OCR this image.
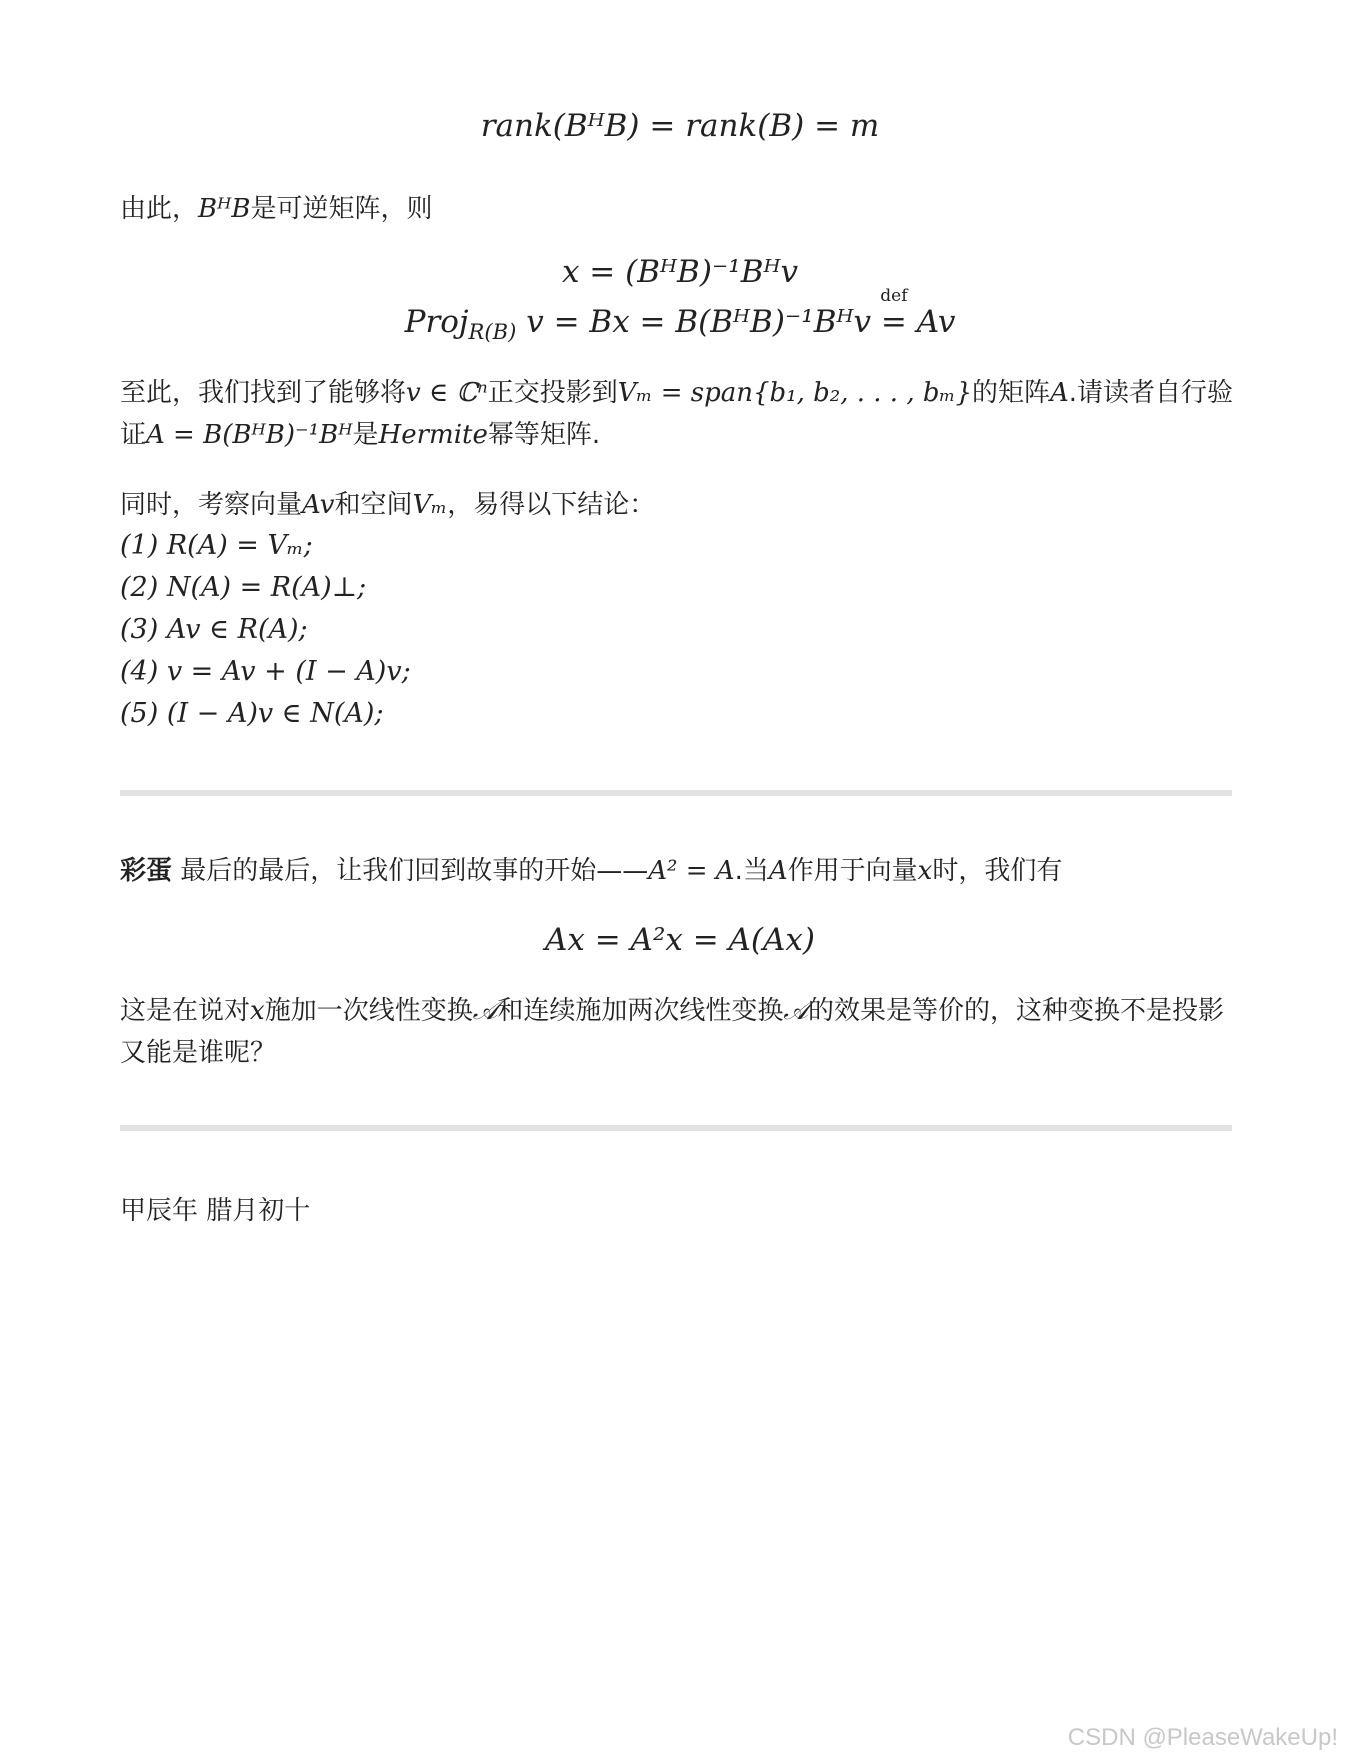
rank(BᴴB) = rank(B) = m
由此，BᴴB是可逆矩阵，则
x = (BᴴB)⁻¹Bᴴv
Proj$_{R(B)}$ v = Bx = B(BᴴB)⁻¹Bᴴv
def
= Av
至此，我们找到了能够将v ∈ ℂⁿ正交投影到Vₘ = span{b₁, b₂, . . . , bₘ}的矩阵A.请读者自行验证A = B(BᴴB)⁻¹Bᴴ是Hermite幂等矩阵.
同时，考察向量Av和空间Vₘ，易得以下结论：
(1) R(A) = Vₘ;
(2) N(A) = R(A)⊥;
(3) Av ∈ R(A);
(4) v = Av + (I − A)v;
(5) (I − A)v ∈ N(A);
彩蛋 最后的最后，让我们回到故事的开始——A² = A.当A作用于向量x时，我们有
Ax = A²x = A(Ax)
这是在说对x施加一次线性变换𝒜和连续施加两次线性变换𝒜的效果是等价的，这种变换不是投影又能是谁呢？
甲辰年 腊月初十
CSDN @PleaseWakeUp!
